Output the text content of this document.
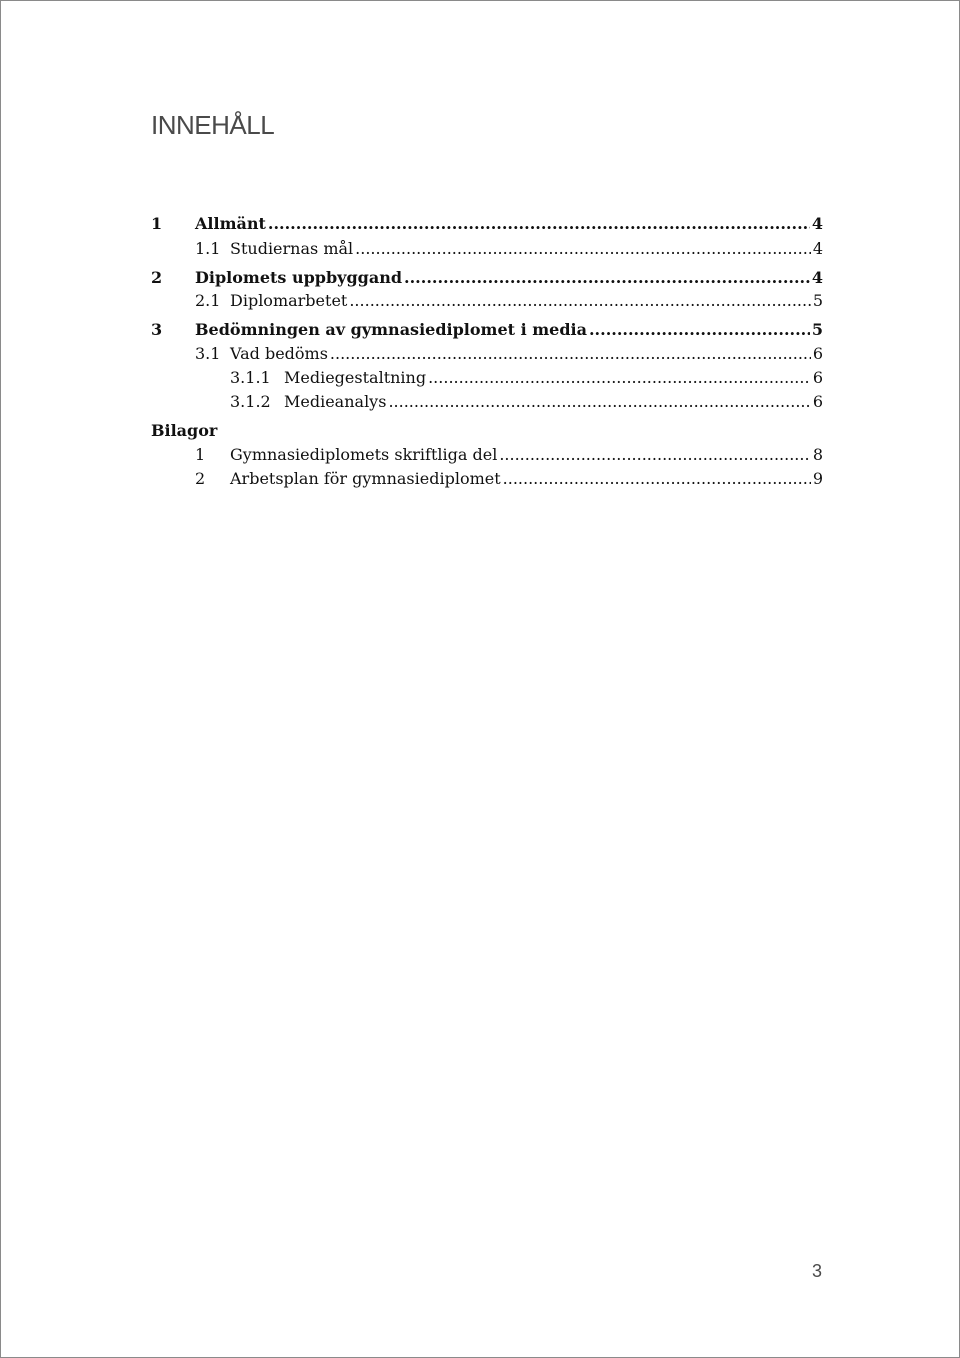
INNEHÅLL
1	Allmänt .....	4
1.1 Studiernas mål .....	4
2	Diplomets uppbyggand .....	4
2.1 Diplomarbetet .....	5
3	Bedömningen av gymnasiediplomet i media .....	5
3.1 Vad bedöms .....	6
3.1.1 Mediegestaltning .....	6
3.1.2 Medieanalys .....	6
Bilagor
1	Gymnasiediplomets skriftliga del .....	8
2	Arbetsplan för gymnasiediplomet .....	9
3
